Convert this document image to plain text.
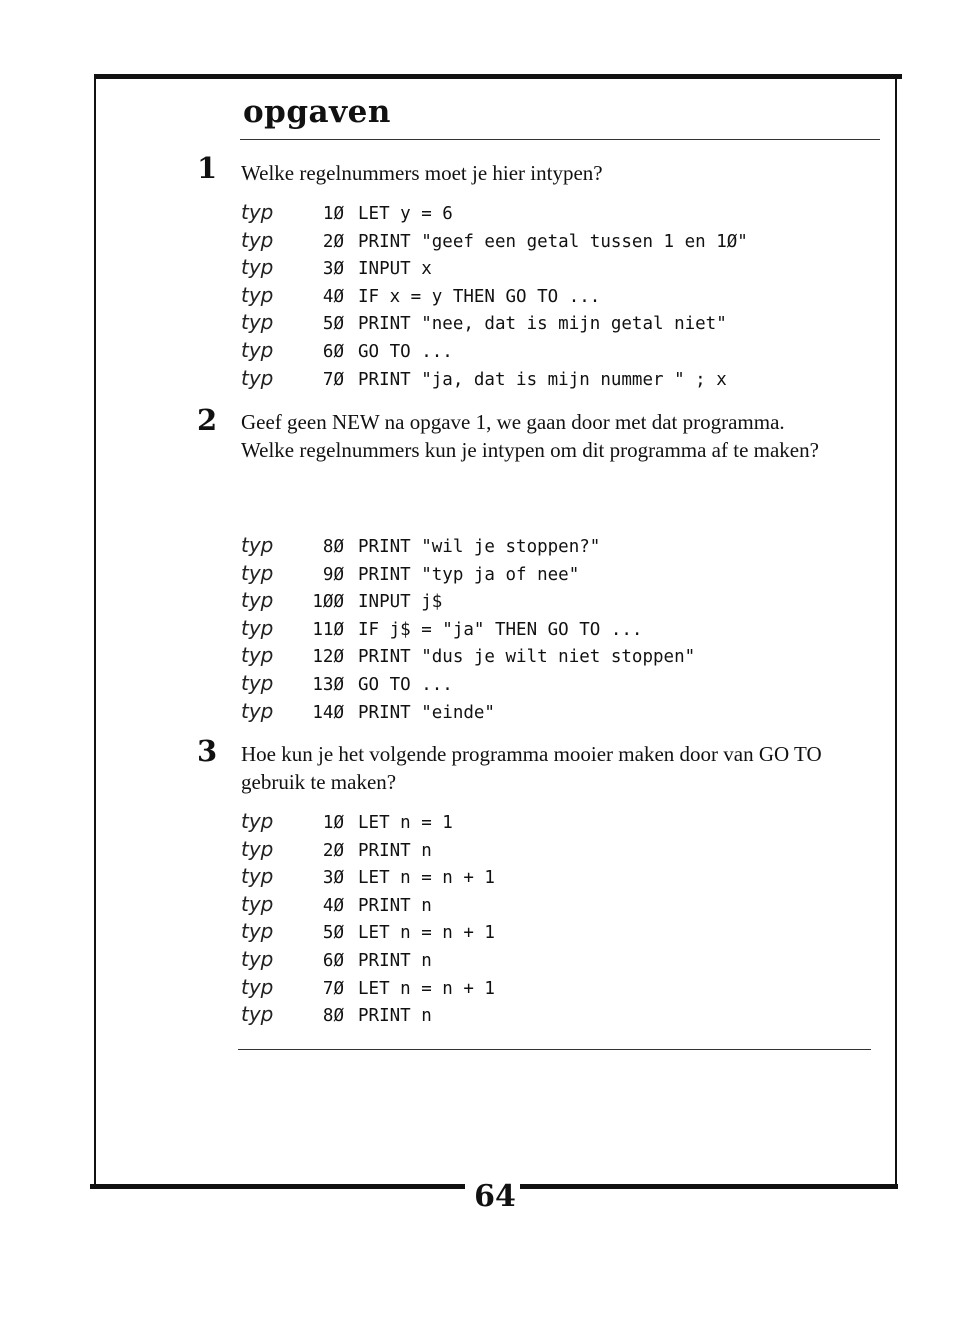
64
opgaven
1 Welke regelnummers moet je hier intypen?

typ	1Ø LET y = 6
typ	2Ø PRINT "geef een getal tussen 1 en 1Ø"
typ	3Ø INPUT x
typ	4Ø IF x = y THEN GO TO ...
typ	5Ø PRINT "nee, dat is mijn getal niet"
typ	6Ø GO TO ...
typ	7Ø PRINT "ja, dat is mijn nummer " ; x
2 Geef geen NEW na opgave 1, we gaan door met dat programma.

Welke regelnummers kun je intypen om dit programma af te maken?

typ	8Ø PRINT "wil je stoppen?"
typ	9Ø PRINT "typ ja of nee"
typ	1ØØ INPUT j$
typ	11Ø IF j$ = "ja" THEN GO TO ...
typ	12Ø PRINT "dus je wilt niet stoppen"
typ	13Ø GO TO ...
typ	14Ø PRINT "einde"
3 Hoe kun je het volgende programma mooier maken door van GO TO gebruik te maken?

typ	1Ø LET n = 1
typ	2Ø PRINT n
typ	3Ø LET n = n + 1
typ	4Ø PRINT n
typ	5Ø LET n = n + 1
typ	6Ø PRINT n
typ	7Ø LET n = n + 1
typ	8Ø PRINT n
